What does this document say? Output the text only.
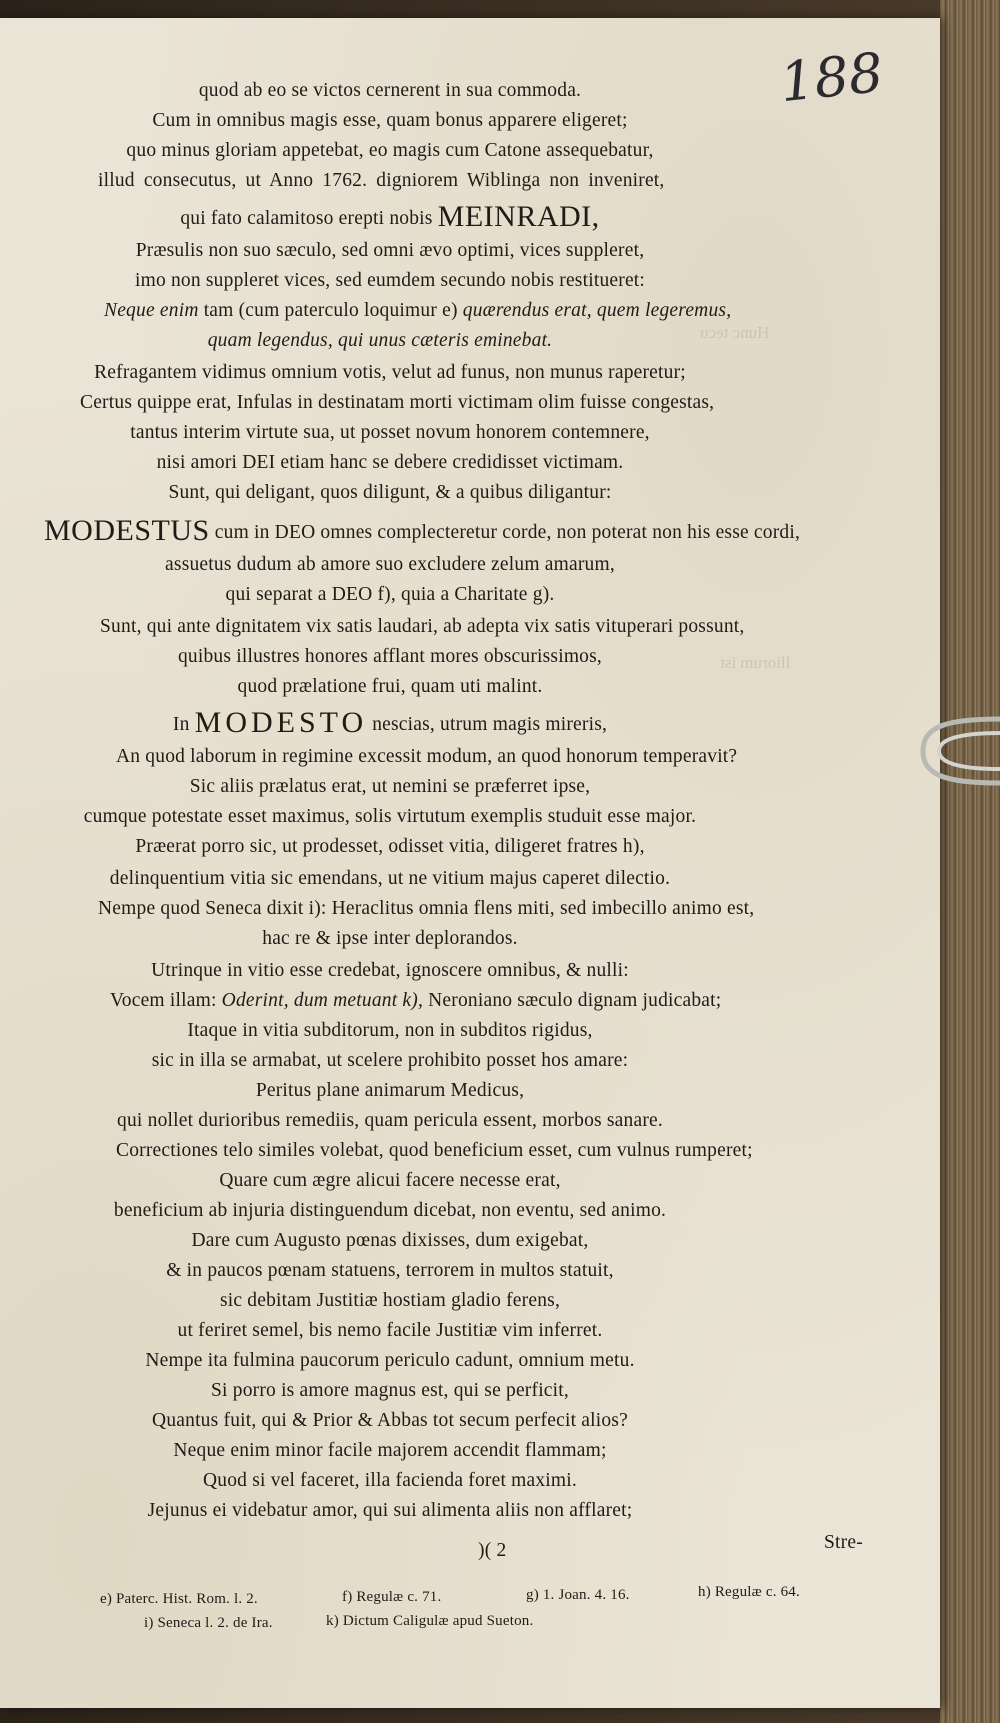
Hunc tecu
lliorum ist
188
quod ab eo se victos cernerent in sua commoda.
Cum in omnibus magis esse, quam bonus apparere eligeret;
quo minus gloriam appetebat, eo magis cum Catone assequebatur,
illud consecutus, ut Anno 1762. digniorem Wiblinga non inveniret,
qui fato calamitoso erepti nobis MEINRADI,
Præsulis non suo sæculo, sed omni ævo optimi, vices suppleret,
imo non suppleret vices, sed eumdem secundo nobis restitueret:
Neque enim tam (cum paterculo loquimur e) quærendus erat, quem legeremus,
quam legendus, qui unus cæteris eminebat.
Refragantem vidimus omnium votis, velut ad funus, non munus raperetur;
Certus quippe erat, Infulas in destinatam morti victimam olim fuisse congestas,
tantus interim virtute sua, ut posset novum honorem contemnere,
nisi amori DEI etiam hanc se debere credidisset victimam.
Sunt, qui deligant, quos diligunt, & a quibus diligantur:
MODESTUS cum in DEO omnes complecteretur corde, non poterat non his esse cordi,
assuetus dudum ab amore suo excludere zelum amarum,
qui separat a DEO f), quia a Charitate g).
Sunt, qui ante dignitatem vix satis laudari, ab adepta vix satis vituperari possunt,
quibus illustres honores afflant mores obscurissimos,
quod prælatione frui, quam uti malint.
In MODESTO nescias, utrum magis mireris,
An quod laborum in regimine excessit modum, an quod honorum temperavit?
Sic aliis prælatus erat, ut nemini se præferret ipse,
cumque potestate esset maximus, solis virtutum exemplis studuit esse major.
Præerat porro sic, ut prodesset, odisset vitia, diligeret fratres h),
delinquentium vitia sic emendans, ut ne vitium majus caperet dilectio.
Nempe quod Seneca dixit i): Heraclitus omnia flens miti, sed imbecillo animo est,
hac re & ipse inter deplorandos.
Utrinque in vitio esse credebat, ignoscere omnibus, & nulli:
Vocem illam: Oderint, dum metuant k), Neroniano sæculo dignam judicabat;
Itaque in vitia subditorum, non in subditos rigidus,
sic in illa se armabat, ut scelere prohibito posset hos amare:
Peritus plane animarum Medicus,
qui nollet durioribus remediis, quam pericula essent, morbos sanare.
Correctiones telo similes volebat, quod beneficium esset, cum vulnus rumperet;
Quare cum ægre alicui facere necesse erat,
beneficium ab injuria distinguendum dicebat, non eventu, sed animo.
Dare cum Augusto pœnas dixisses, dum exigebat,
& in paucos pœnam statuens, terrorem in multos statuit,
sic debitam Justitiæ hostiam gladio ferens,
ut feriret semel, bis nemo facile Justitiæ vim inferret.
Nempe ita fulmina paucorum periculo cadunt, omnium metu.
Si porro is amore magnus est, qui se perficit,
Quantus fuit, qui & Prior & Abbas tot secum perfecit alios?
Neque enim minor facile majorem accendit flammam;
Quod si vel faceret, illa facienda foret maximi.
Jejunus ei videbatur amor, qui sui alimenta aliis non afflaret;
)( 2	Stre-
e) Paterc. Hist. Rom. l. 2.	f) Regulæ c. 71.	g) 1. Joan. 4. 16.	h) Regulæ c. 64.
i) Seneca l. 2. de Ira.	k) Dictum Caligulæ apud Sueton.
